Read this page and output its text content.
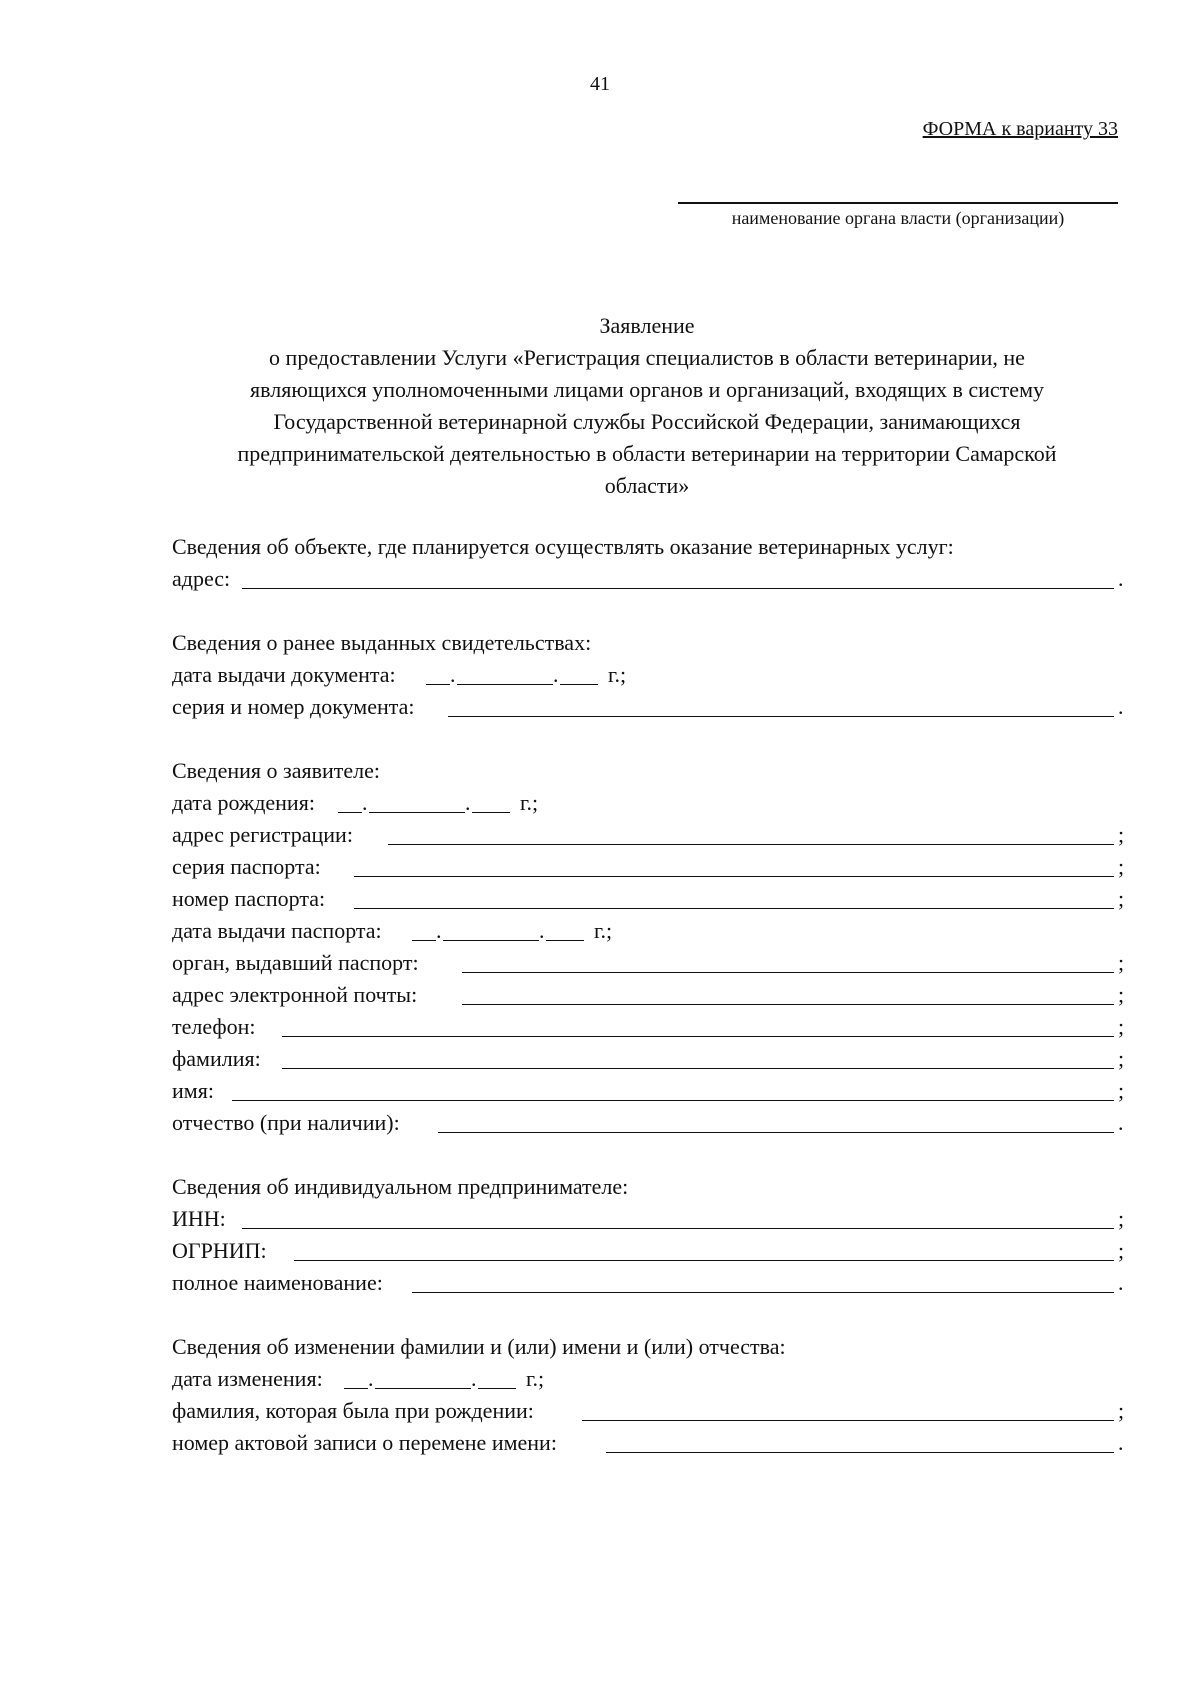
41
ФОРМА к варианту 33
наименование органа власти (организации)
Заявление
о предоставлении Услуги «Регистрация специалистов в области ветеринарии, не
являющихся уполномоченными лицами органов и организаций, входящих в систему
Государственной ветеринарной службы Российской Федерации, занимающихся
предпринимательской деятельностью в области ветеринарии на территории Самарской
области»
Сведения об объекте, где планируется осуществлять оказание ветеринарных услуг:
адрес:	.
Сведения о ранее выданных свидетельствах:
дата выдачи документа: .	. г.;
серия и номер документа:	.
Сведения о заявителе:
дата рождения: .	. г.;
адрес регистрации:	;
серия паспорта:	;
номер паспорта:	;
дата выдачи паспорта: .	. г.;
орган, выдавший паспорт:	;
адрес электронной почты:	;
телефон:	;
фамилия:	;
имя:	;
отчество (при наличии):	.
Сведения об индивидуальном предпринимателе:
ИНН:	;
ОГРНИП:	;
полное наименование:	.
Сведения об изменении фамилии и (или) имени и (или) отчества:
дата изменения: .	. г.;
фамилия, которая была при рождении:	;
номер актовой записи о перемене имени:	.
